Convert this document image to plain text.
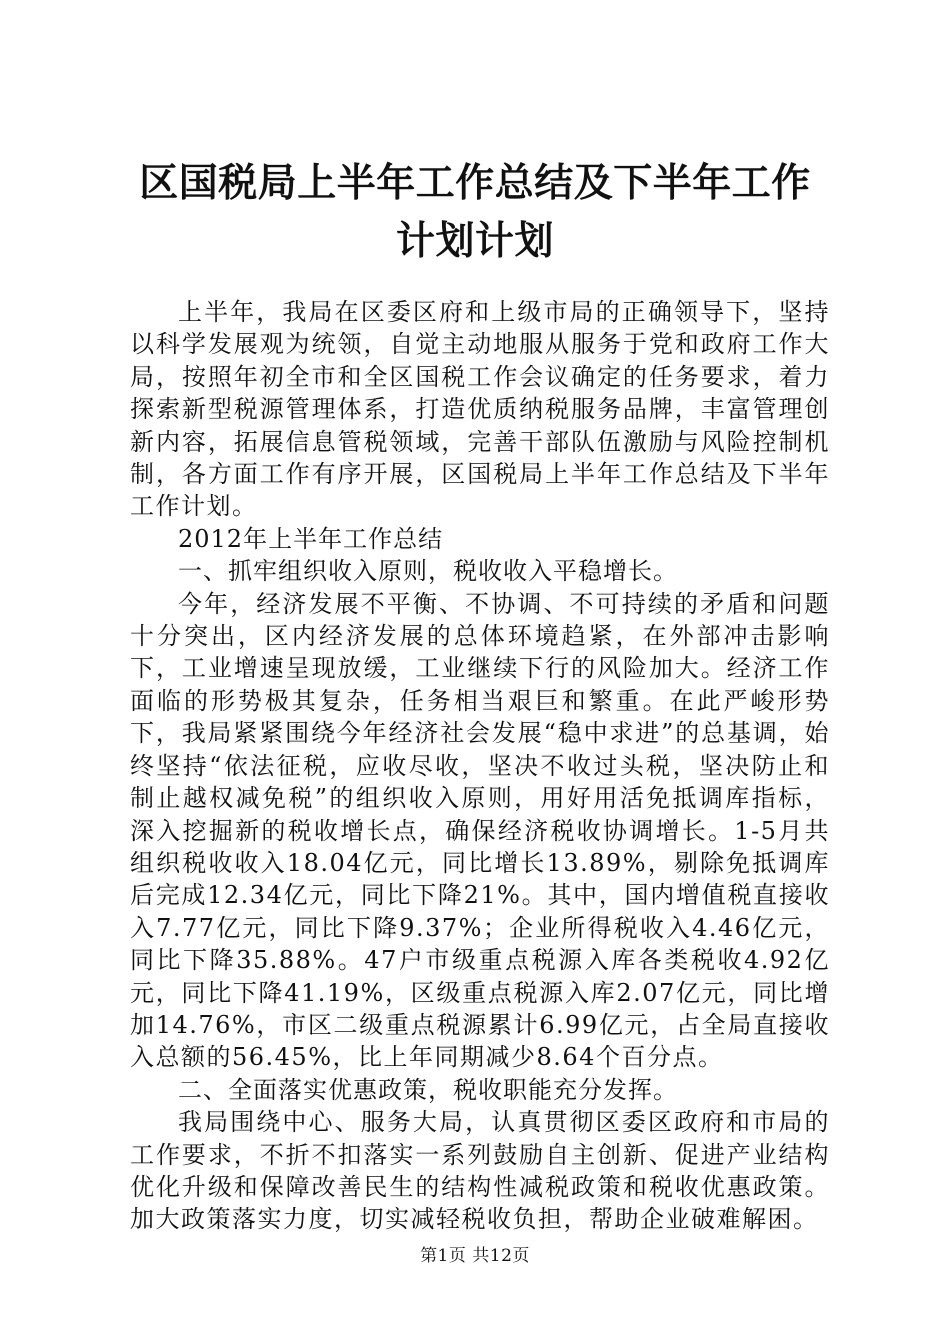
区国税局上半年工作总结及下半年工作计划计划

上半年，我局在区委区府和上级市局的正确领导下，坚持以科学发展观为统领，自觉主动地服从服务于党和政府工作大局，按照年初全市和全区国税工作会议确定的任务要求，着力探索新型税源管理体系，打造优质纳税服务品牌，丰富管理创新内容，拓展信息管税领域，完善干部队伍激励与风险控制机制，各方面工作有序开展，区国税局上半年工作总结及下半年工作计划。

2012年上半年工作总结

一、抓牢组织收入原则，税收收入平稳增长。

今年，经济发展不平衡、不协调、不可持续的矛盾和问题十分突出，区内经济发展的总体环境趋紧，在外部冲击影响下，工业增速呈现放缓，工业继续下行的风险加大。经济工作面临的形势极其复杂，任务相当艰巨和繁重。在此严峻形势下，我局紧紧围绕今年经济社会发展“稳中求进”的总基调，始终坚持“依法征税，应收尽收，坚决不收过头税，坚决防止和制止越权减免税”的组织收入原则，用好用活免抵调库指标，深入挖掘新的税收增长点，确保经济税收协调增长。1-5月共组织税收收入18.04亿元，同比增长13.89%，剔除免抵调库后完成12.34亿元，同比下降21%。其中，国内增值税直接收入7.77亿元，同比下降9.37%；企业所得税收入4.46亿元，同比下降35.88%。47户市级重点税源入库各类税收4.92亿元，同比下降41.19%，区级重点税源入库2.07亿元，同比增加14.76%，市区二级重点税源累计6.99亿元，占全局直接收入总额的56.45%，比上年同期减少8.64个百分点。

二、全面落实优惠政策，税收职能充分发挥。

我局围绕中心、服务大局，认真贯彻区委区政府和市局的工作要求，不折不扣落实一系列鼓励自主创新、促进产业结构优化升级和保障改善民生的结构性减税政策和税收优惠政策。加大政策落实力度，切实减轻税收负担，帮助企业破难解困。

第1页 共12页
